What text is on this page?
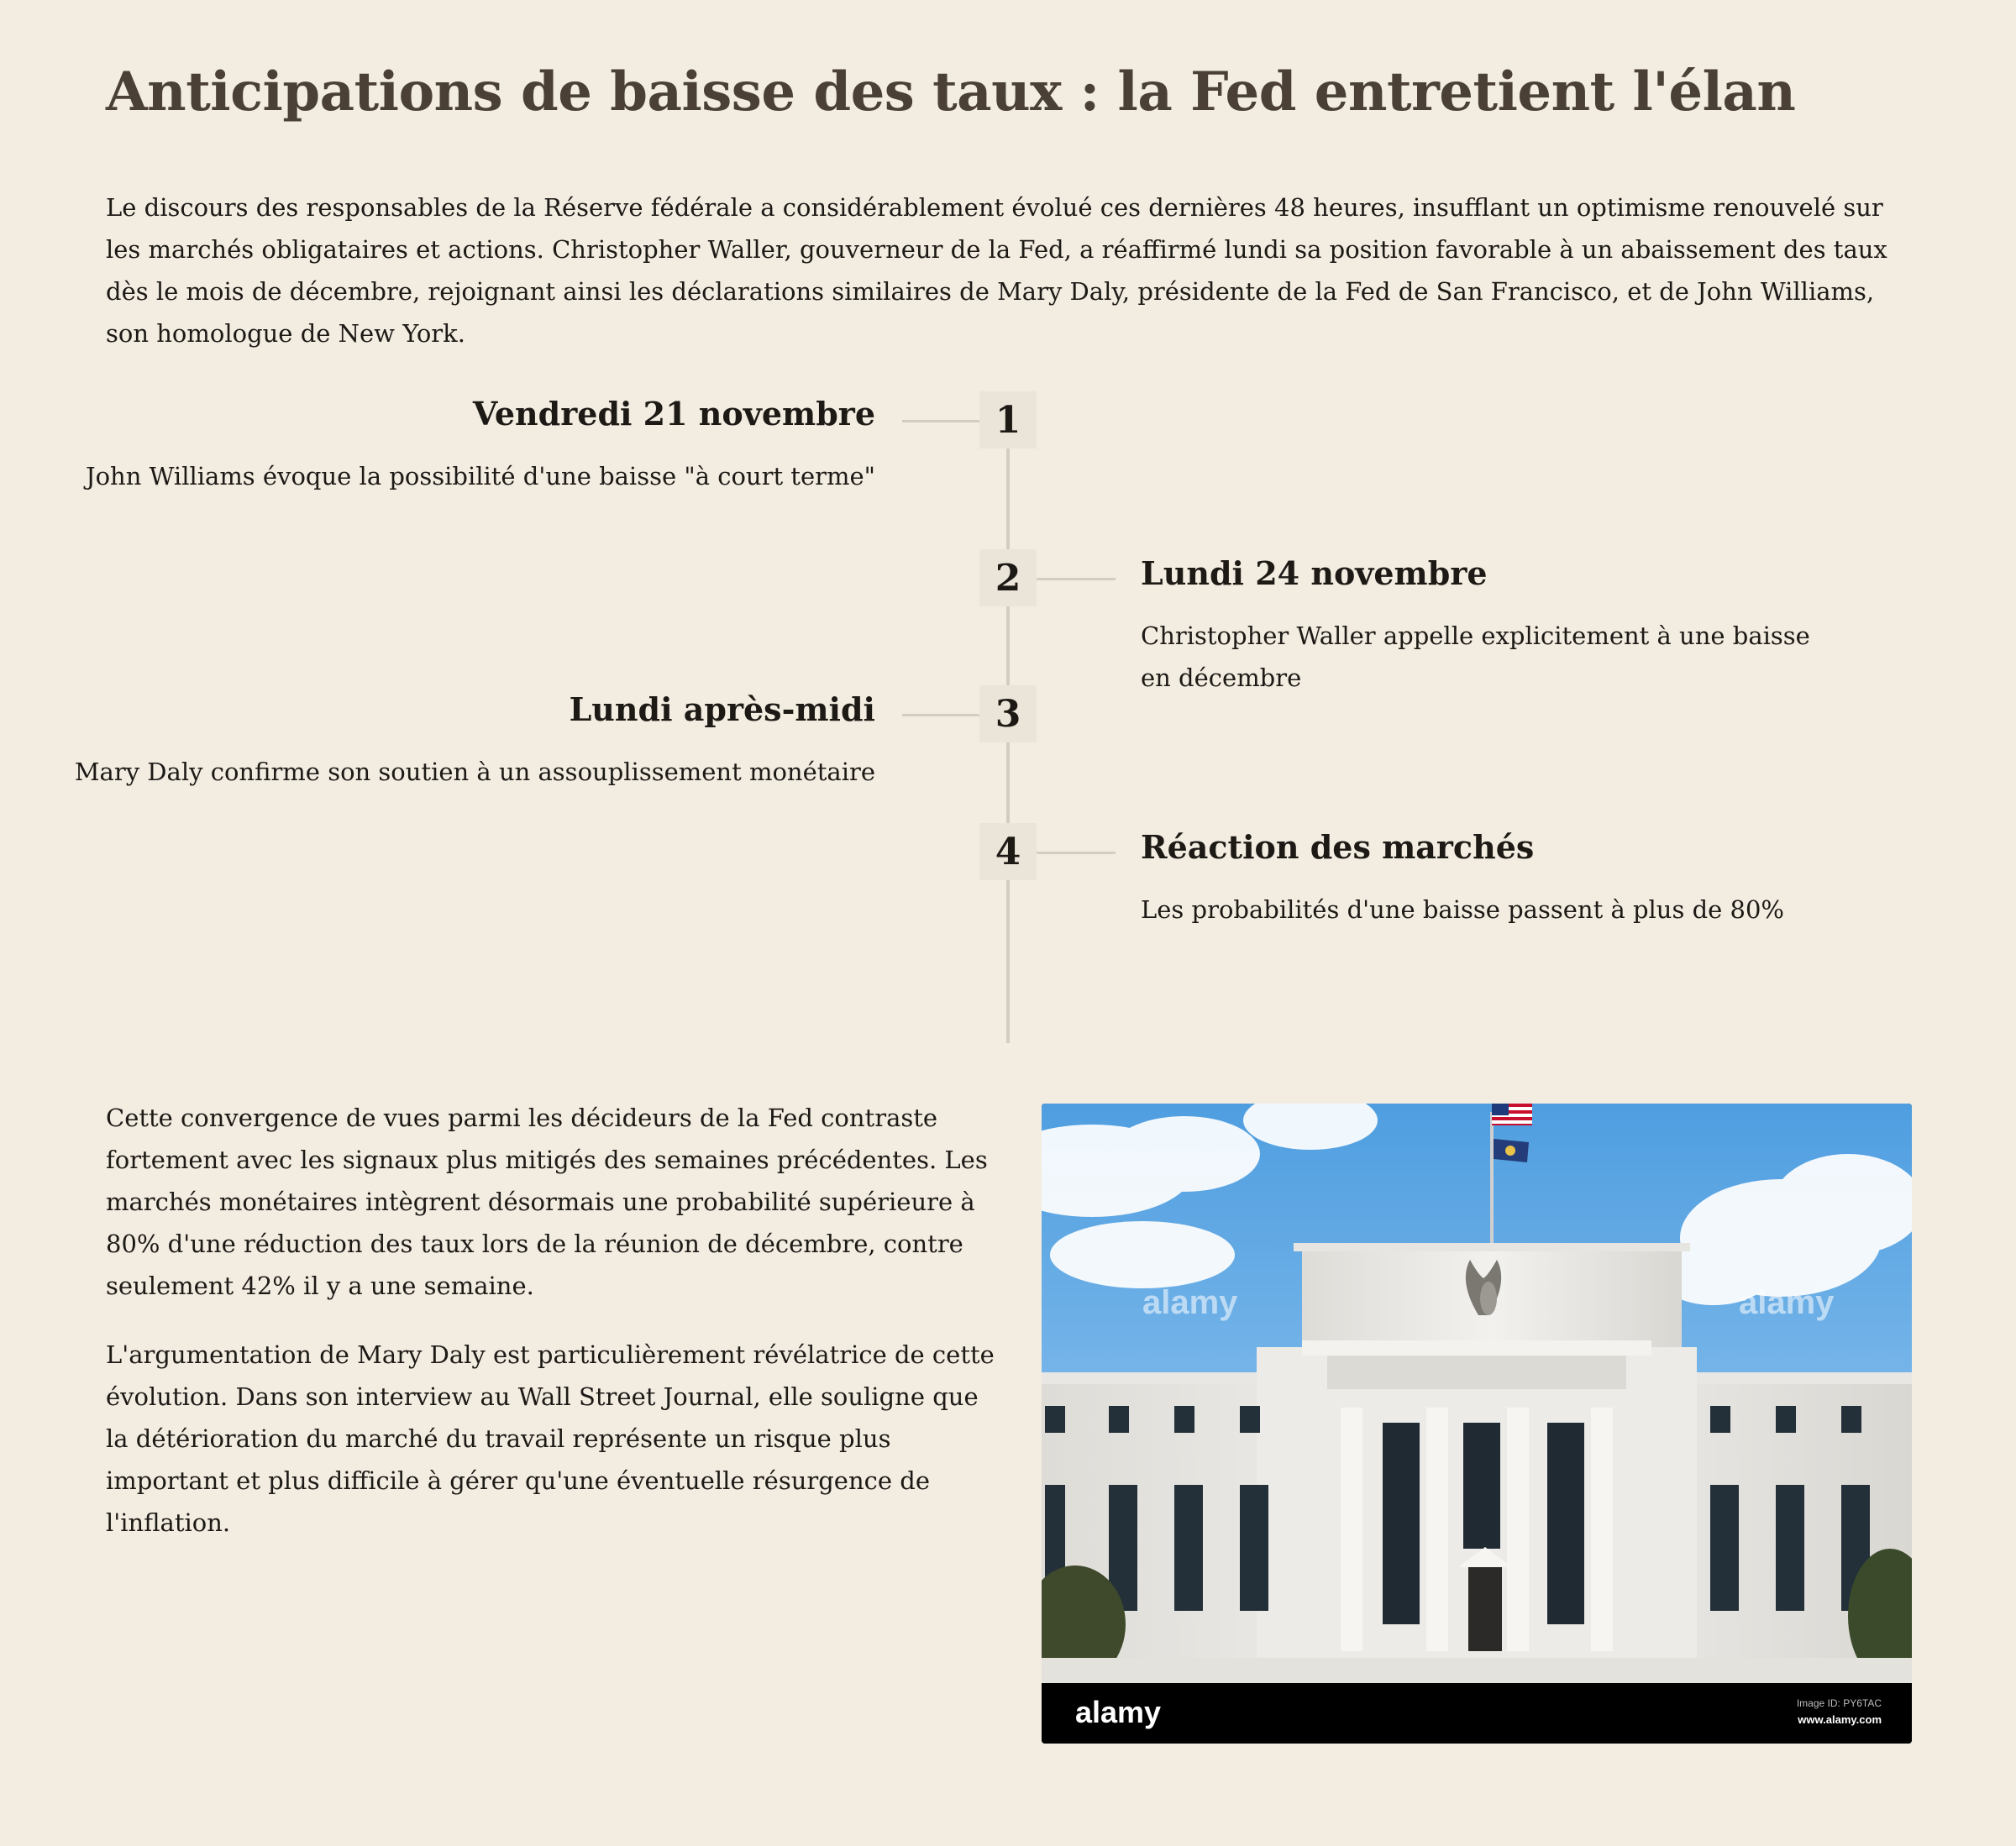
Anticipations de baisse des taux : la Fed entretient l'élan

Le discours des responsables de la Réserve fédérale a considérablement évolué ces dernières 48 heures, insufflant un optimisme renouvelé sur les marchés obligataires et actions. Christopher Waller, gouverneur de la Fed, a réaffirmé lundi sa position favorable à un abaissement des taux dès le mois de décembre, rejoignant ainsi les déclarations similaires de Mary Daly, présidente de la Fed de San Francisco, et de John Williams, son homologue de New York.

1
Vendredi 21 novembre

John Williams évoque la possibilité d'une baisse "à court terme"

2	Lundi 24 novembre

Christopher Waller appelle explicitement à une baisse en décembre

3
Lundi après-midi

Mary Daly confirme son soutien à un assouplissement monétaire

4	Réaction des marchés

Les probabilités d'une baisse passent à plus de 80%

Cette convergence de vues parmi les décideurs de la Fed contraste fortement avec les signaux plus mitigés des semaines précédentes. Les marchés monétaires intègrent désormais une probabilité supérieure à 80% d'une réduction des taux lors de la réunion de décembre, contre seulement 42% il y a une semaine.

L'argumentation de Mary Daly est particulièrement révélatrice de cette évolution. Dans son interview au Wall Street Journal, elle souligne que la détérioration du marché du travail représente un risque plus important et plus difficile à gérer qu'une éventuelle résurgence de l'inflation.

alamy	alamy
alamy	Image ID: PY6TAC
www.alamy.com
